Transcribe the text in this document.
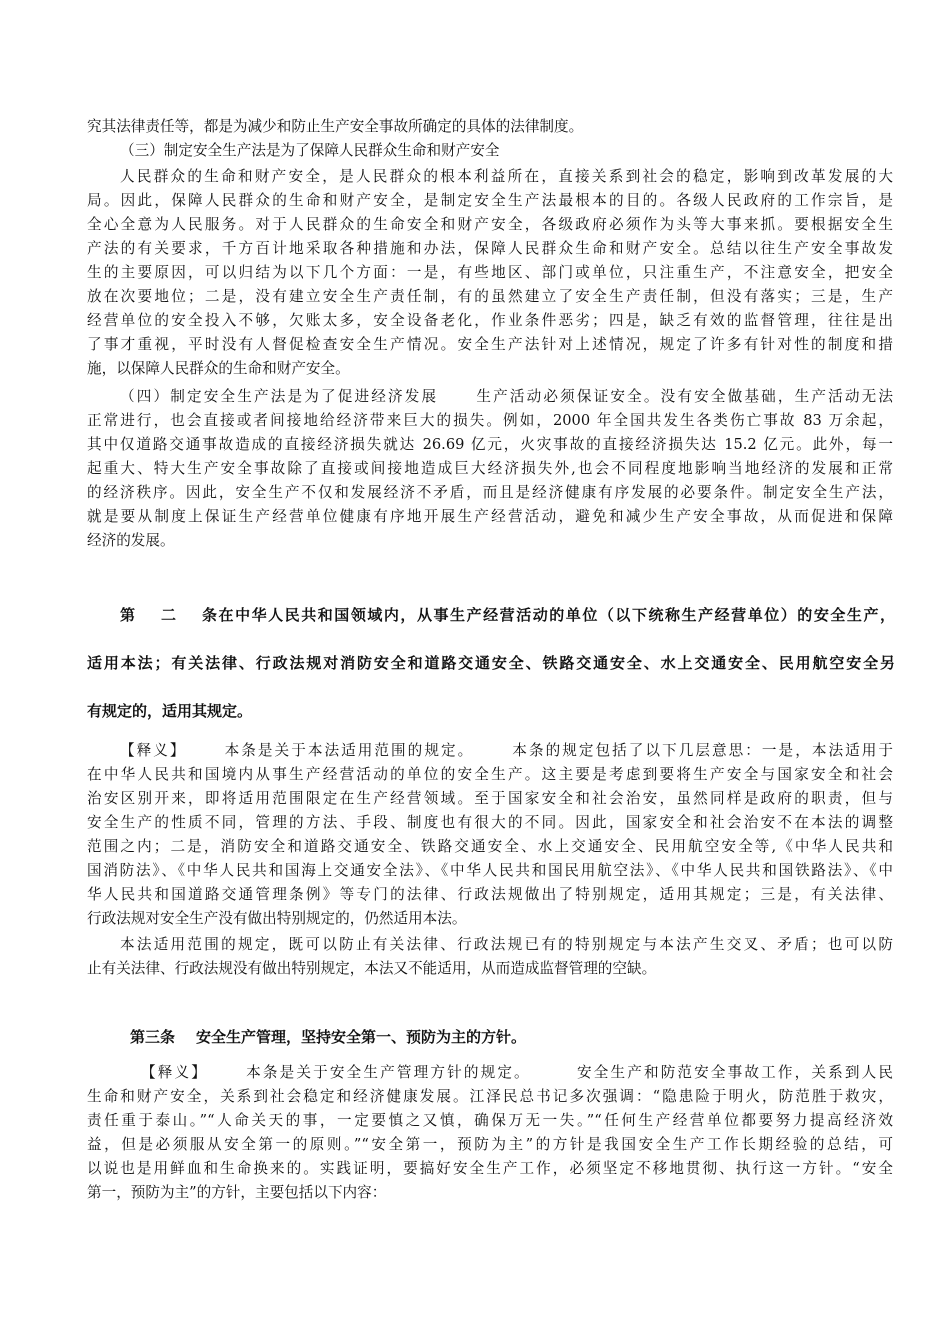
究其法律责任等，都是为减少和防止生产安全事故所确定的具体的法律制度。
（三）制定安全生产法是为了保障人民群众生命和财产安全
人民群众的生命和财产安全，是人民群众的根本利益所在，直接关系到社会的稳定，影响到改革发展的大
局。因此，保障人民群众的生命和财产安全，是制定安全生产法最根本的目的。各级人民政府的工作宗旨，是
全心全意为人民服务。对于人民群众的生命安全和财产安全，各级政府必须作为头等大事来抓。要根据安全生
产法的有关要求，千方百计地采取各种措施和办法，保障人民群众生命和财产安全。总结以往生产安全事故发
生的主要原因，可以归结为以下几个方面：一是，有些地区、部门或单位，只注重生产，不注意安全，把安全
放在次要地位；二是，没有建立安全生产责任制，有的虽然建立了安全生产责任制，但没有落实；三是，生产
经营单位的安全投入不够，欠账太多，安全设备老化，作业条件恶劣；四是，缺乏有效的监督管理，往往是出
了事才重视，平时没有人督促检查安全生产情况。安全生产法针对上述情况，规定了许多有针对性的制度和措
施，以保障人民群众的生命和财产安全。
（四）制定安全生产法是为了促进经济发展 生产活动必须保证安全。没有安全做基础，生产活动无法
正常进行，也会直接或者间接地给经济带来巨大的损失。例如，2000 年全国共发生各类伤亡事故 83 万余起，
其中仅道路交通事故造成的直接经济损失就达 26.69 亿元，火灾事故的直接经济损失达 15.2 亿元。此外，每一
起重大、特大生产安全事故除了直接或间接地造成巨大经济损失外,也会不同程度地影响当地经济的发展和正常
的经济秩序。因此，安全生产不仅和发展经济不矛盾，而且是经济健康有序发展的必要条件。制定安全生产法，
就是要从制度上保证生产经营单位健康有序地开展生产经营活动，避免和减少生产安全事故，从而促进和保障
经济的发展。
第二条在中华人民共和国领域内，从事生产经营活动的单位（以下统称生产经营单位）的安全生产，
适用本法；有关法律、行政法规对消防安全和道路交通安全、铁路交通安全、水上交通安全、民用航空安全另
有规定的，适用其规定。
【释义】 本条是关于本法适用范围的规定。 本条的规定包括了以下几层意思：一是，本法适用于
在中华人民共和国境内从事生产经营活动的单位的安全生产。这主要是考虑到要将生产安全与国家安全和社会
治安区别开来，即将适用范围限定在生产经营领域。至于国家安全和社会治安，虽然同样是政府的职责，但与
安全生产的性质不同，管理的方法、手段、制度也有很大的不同。因此，国家安全和社会治安不在本法的调整
范围之内；二是，消防安全和道路交通安全、铁路交通安全、水上交通安全、民用航空安全等,《中华人民共和
国消防法》、《中华人民共和国海上交通安全法》、《中华人民共和国民用航空法》、《中华人民共和国铁路法》、《中
华人民共和国道路交通管理条例》等专门的法律、行政法规做出了特别规定，适用其规定；三是，有关法律、
行政法规对安全生产没有做出特别规定的，仍然适用本法。
本法适用范围的规定，既可以防止有关法律、行政法规已有的特别规定与本法产生交叉、矛盾；也可以防
止有关法律、行政法规没有做出特别规定，本法又不能适用，从而造成监督管理的空缺。
第三条 安全生产管理，坚持安全第一、预防为主的方针。
【释义】 本条是关于安全生产管理方针的规定。	安全生产和防范安全事故工作，关系到人民
生命和财产安全，关系到社会稳定和经济健康发展。江泽民总书记多次强调：“隐患险于明火，防范胜于救灾，
责任重于泰山。”“人命关天的事，一定要慎之又慎，确保万无一失。”“任何生产经营单位都要努力提高经济效
益，但是必须服从安全第一的原则。”“安全第一，预防为主”的方针是我国安全生产工作长期经验的总结，可
以说也是用鲜血和生命换来的。实践证明，要搞好安全生产工作，必须坚定不移地贯彻、执行这一方针。“安全
第一，预防为主”的方针，主要包括以下内容：
